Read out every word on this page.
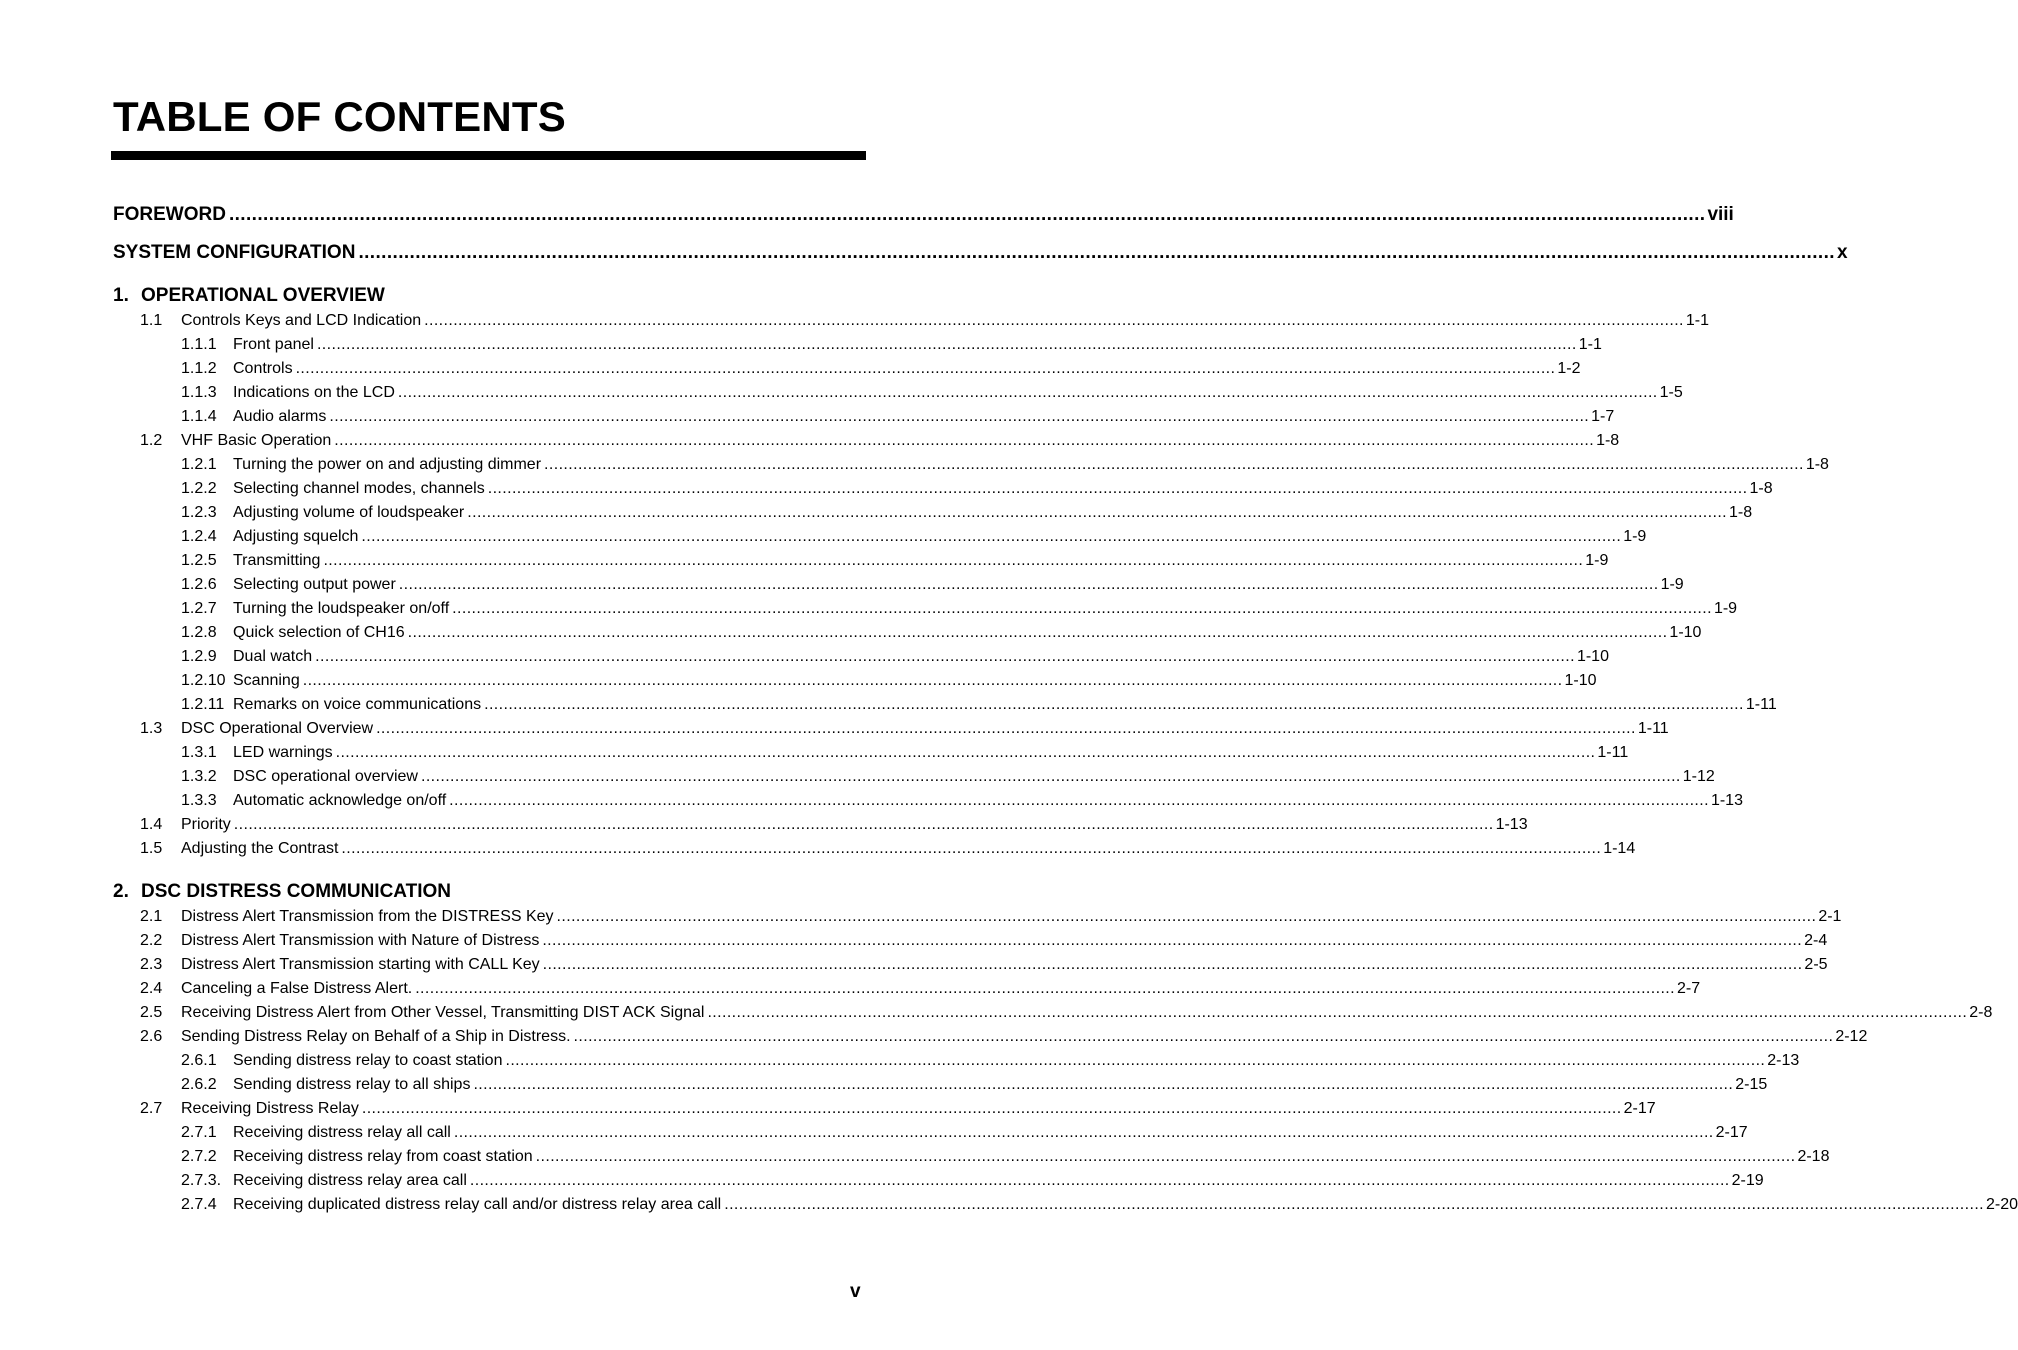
TABLE OF CONTENTS
FOREWORD .................................................................................................................................................................................................................................................................... viii
SYSTEM CONFIGURATION .................................................................................................................................................................................................................................................................... x
1. OPERATIONAL OVERVIEW
1.1	Controls Keys and LCD Indication .................................................................................................................................................................................................................................................................... 1-1
1.1.1	Front panel .................................................................................................................................................................................................................................................................... 1-1
1.1.2	Controls .................................................................................................................................................................................................................................................................... 1-2
1.1.3	Indications on the LCD .................................................................................................................................................................................................................................................................... 1-5
1.1.4	Audio alarms .................................................................................................................................................................................................................................................................... 1-7
1.2	VHF Basic Operation .................................................................................................................................................................................................................................................................... 1-8
1.2.1	Turning the power on and adjusting dimmer .................................................................................................................................................................................................................................................................... 1-8
1.2.2	Selecting channel modes, channels .................................................................................................................................................................................................................................................................... 1-8
1.2.3	Adjusting volume of loudspeaker .................................................................................................................................................................................................................................................................... 1-8
1.2.4	Adjusting squelch .................................................................................................................................................................................................................................................................... 1-9
1.2.5	Transmitting .................................................................................................................................................................................................................................................................... 1-9
1.2.6	Selecting output power .................................................................................................................................................................................................................................................................... 1-9
1.2.7	Turning the loudspeaker on/off .................................................................................................................................................................................................................................................................... 1-9
1.2.8	Quick selection of CH16 .................................................................................................................................................................................................................................................................... 1-10
1.2.9	Dual watch .................................................................................................................................................................................................................................................................... 1-10
1.2.10 Scanning .................................................................................................................................................................................................................................................................... 1-10
1.2.11 Remarks on voice communications .................................................................................................................................................................................................................................................................... 1-11
1.3	DSC Operational Overview .................................................................................................................................................................................................................................................................... 1-11
1.3.1	LED warnings .................................................................................................................................................................................................................................................................... 1-11
1.3.2	DSC operational overview .................................................................................................................................................................................................................................................................... 1-12
1.3.3	Automatic acknowledge on/off .................................................................................................................................................................................................................................................................... 1-13
1.4	Priority .................................................................................................................................................................................................................................................................... 1-13
1.5	Adjusting the Contrast .................................................................................................................................................................................................................................................................... 1-14
2. DSC DISTRESS COMMUNICATION
2.1	Distress Alert Transmission from the DISTRESS Key .................................................................................................................................................................................................................................................................... 2-1
2.2	Distress Alert Transmission with Nature of Distress .................................................................................................................................................................................................................................................................... 2-4
2.3	Distress Alert Transmission starting with CALL Key .................................................................................................................................................................................................................................................................... 2-5
2.4	Canceling a False Distress Alert. .................................................................................................................................................................................................................................................................... 2-7
2.5	Receiving Distress Alert from Other Vessel, Transmitting DIST ACK Signal .................................................................................................................................................................................................................................................................... 2-8
2.6	Sending Distress Relay on Behalf of a Ship in Distress. .................................................................................................................................................................................................................................................................... 2-12
2.6.1	Sending distress relay to coast station .................................................................................................................................................................................................................................................................... 2-13
2.6.2	Sending distress relay to all ships .................................................................................................................................................................................................................................................................... 2-15
2.7	Receiving Distress Relay .................................................................................................................................................................................................................................................................... 2-17
2.7.1	Receiving distress relay all call .................................................................................................................................................................................................................................................................... 2-17
2.7.2	Receiving distress relay from coast station .................................................................................................................................................................................................................................................................... 2-18
2.7.3. Receiving distress relay area call .................................................................................................................................................................................................................................................................... 2-19
2.7.4	Receiving duplicated distress relay call and/or distress relay area call .................................................................................................................................................................................................................................................................... 2-20
v
